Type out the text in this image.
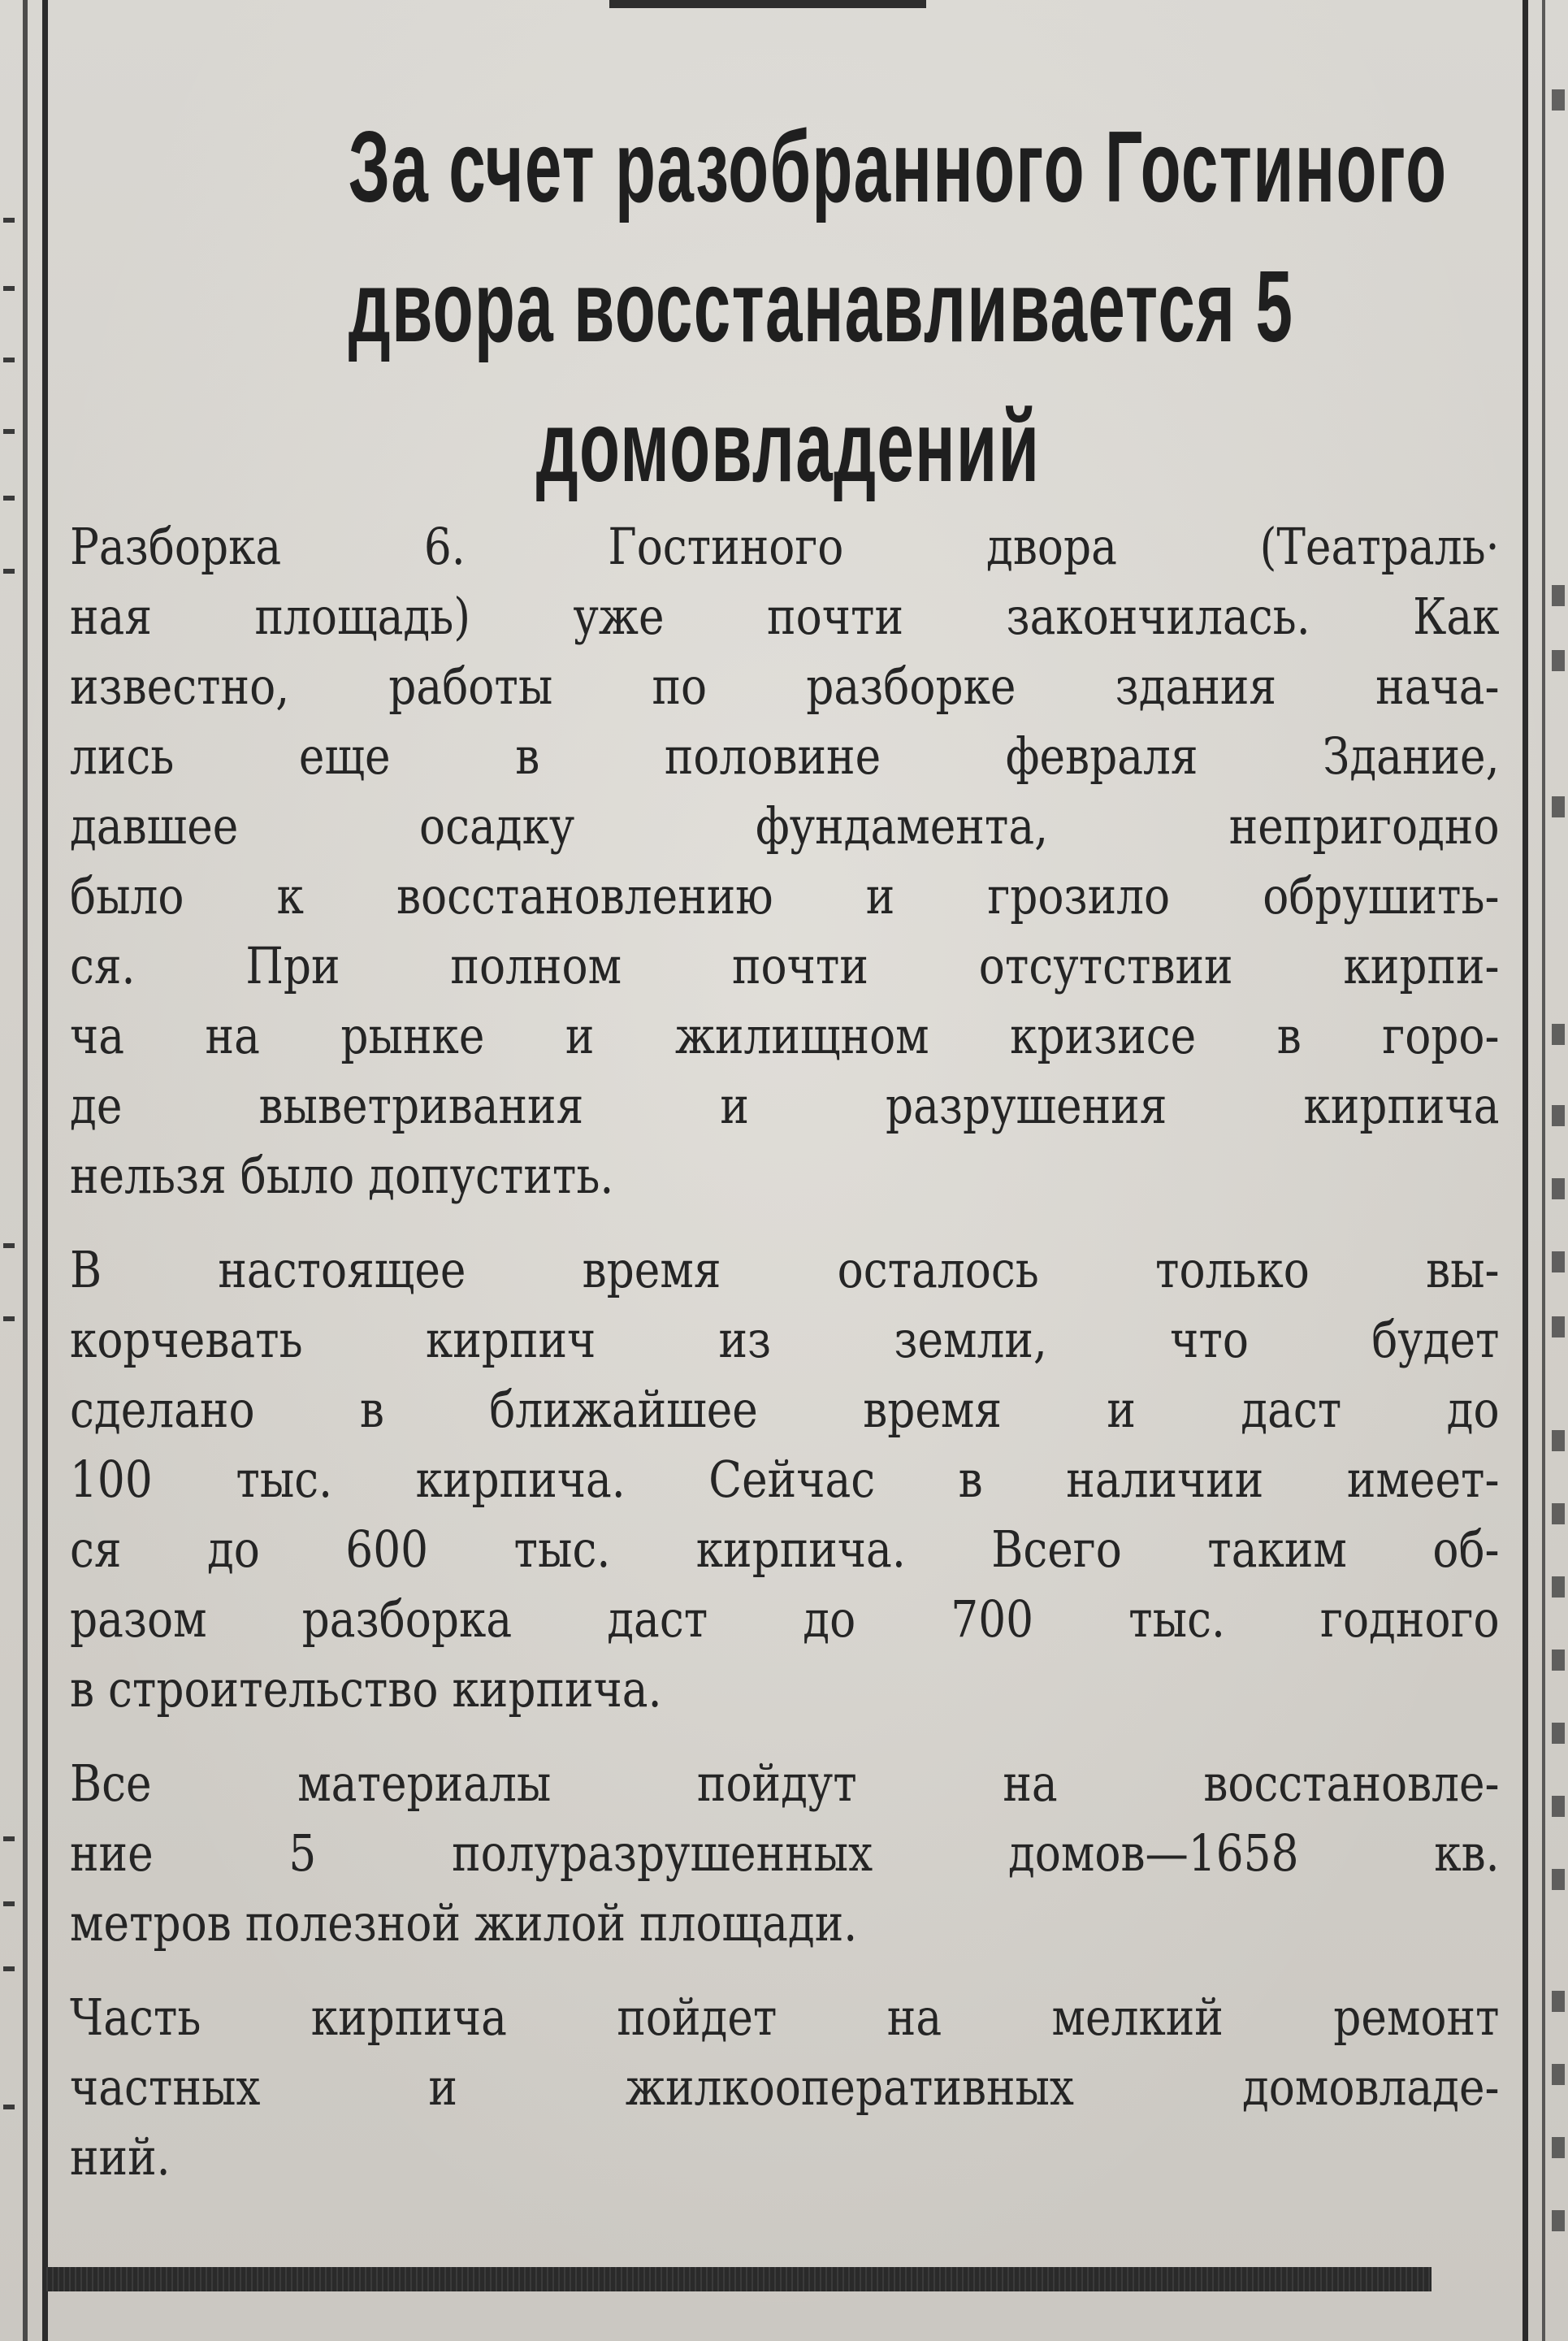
За счет разобранного Гостиного
двора восстанавливается 5
домовладений
Разборка 6. Гостиного двора (Театраль·
ная площадь) уже почти закончилась. Как
известно, работы по разборке здания нача-
лись еще в половине февраля Здание,
давшее осадку фундамента, непригодно
было к восстановлению и грозило обрушить-
ся. При полном почти отсутствии кирпи-
ча на рынке и жилищном кризисе в горо-
де выветривания и разрушения кирпича
нельзя было допустить.
В настоящее время осталось только вы-
корчевать кирпич из земли, что будет
сделано в ближайшее время и даст до
100 тыс. кирпича. Сейчас в наличии имеет-
ся до 600 тыс. кирпича. Всего таким об-
разом разборка даст до 700 тыс. годного
в строительство кирпича.
Все материалы пойдут на восстановле-
ние 5 полуразрушенных домов—1658 кв.
метров полезной жилой площади.
Часть кирпича пойдет на мелкий ремонт
частных и жилкооперативных домовладе-
ний.
